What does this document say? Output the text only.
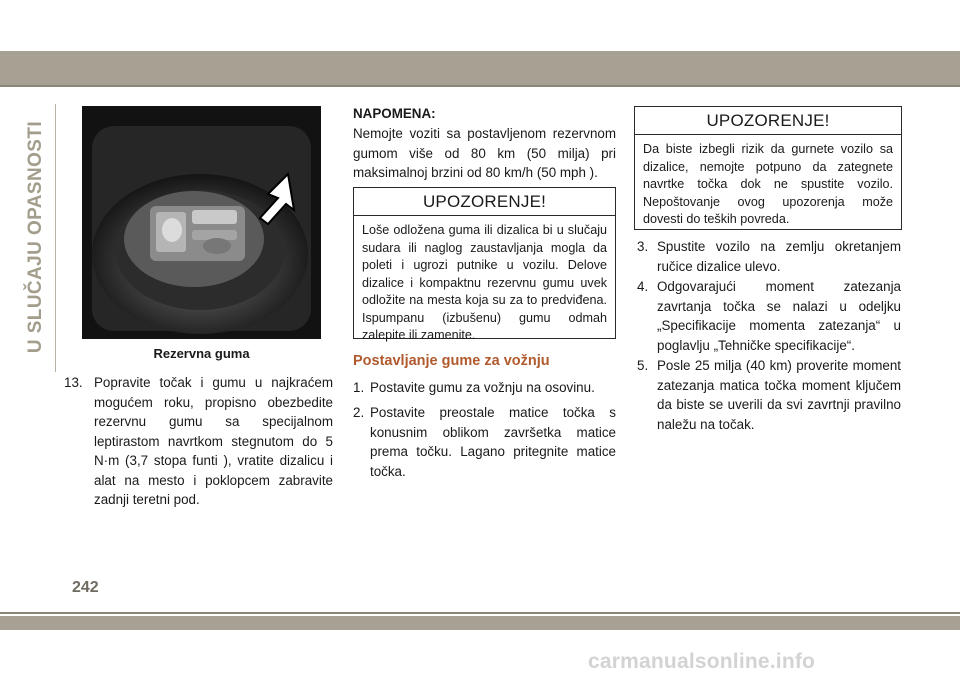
U SLUČAJU OPASNOSTI
Rezervna guma
13. Popravite točak i gumu u najkraćem mogućem roku, propisno obezbedite rezervnu gumu sa specijalnom leptirastom navrtkom stegnutom do 5 N·m (3,7 stopa funti ), vratite dizalicu i alat na mesto i poklopcem zabravite zadnji teretni pod.
NAPOMENA:
Nemojte voziti sa postavljenom rezervnom gumom više od 80 km (50 milja) pri maksimalnoj brzini od 80 km/h (50 mph ).
UPOZORENJE!
Loše odložena guma ili dizalica bi u slučaju sudara ili naglog zaustavljanja mogla da poleti i ugrozi putnike u vozilu. Delove dizalice i kompaktnu rezervnu gumu uvek odložite na mesta koja su za to predviđena. Ispumpanu (izbušenu) gumu odmah zalepite ili zamenite.
Postavljanje gume za vožnju
1. Postavite gumu za vožnju na osovinu.
2. Postavite preostale matice točka s konusnim oblikom završetka matice prema točku. Lagano pritegnite matice točka.
UPOZORENJE!
Da biste izbegli rizik da gurnete vozilo sa dizalice, nemojte potpuno da zategnete navrtke točka dok ne spustite vozilo. Nepoštovanje ovog upozorenja može dovesti do teških povreda.
3. Spustite vozilo na zemlju okretanjem ručice dizalice ulevo.
4. Odgovarajući moment zatezanja zavrtanja točka se nalazi u odeljku „Specifikacije momenta zatezanja“ u poglavlju „Tehničke specifikacije“.
5. Posle 25 milja (40 km) proverite moment zatezanja matica točka moment ključem da biste se uverili da svi zavrtnji pravilno naležu na točak.
242
carmanualsonline.info
